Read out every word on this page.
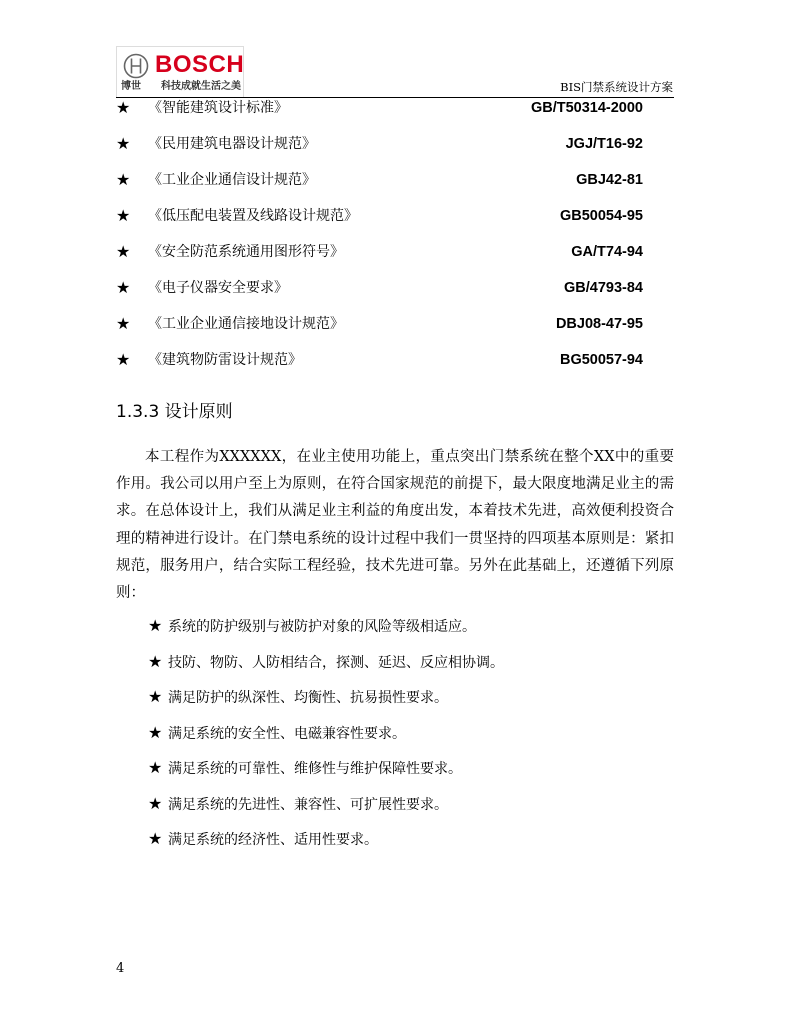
BOSCH
博世 科技成就生活之美	BIS门禁系统设计方案
★	《智能建筑设计标准》	GB/T50314-2000
★	《民用建筑电器设计规范》	JGJ/T16-92
★	《工业企业通信设计规范》	GBJ42-81
★	《低压配电装置及线路设计规范》	GB50054-95
★	《安全防范系统通用图形符号》	GA/T74-94
★	《电子仪器安全要求》	GB/4793-84
★	《工业企业通信接地设计规范》	DBJ08-47-95
★	《建筑物防雷设计规范》	BG50057-94
1.3.3 设计原则

本工程作为XXXXXX，在业主使用功能上，重点突出门禁系统在整个XX中的重要作用。我公司以用户至上为原则，在符合国家规范的前提下，最大限度地满足业主的需求。在总体设计上，我们从满足业主利益的角度出发，本着技术先进，高效便利投资合理的精神进行设计。在门禁电系统的设计过程中我们一贯坚持的四项基本原则是：紧扣规范，服务用户，结合实际工程经验，技术先进可靠。另外在此基础上，还遵循下列原则：

★ 系统的防护级别与被防护对象的风险等级相适应。
★ 技防、物防、人防相结合，探测、延迟、反应相协调。
★ 满足防护的纵深性、均衡性、抗易损性要求。
★ 满足系统的安全性、电磁兼容性要求。
★ 满足系统的可靠性、维修性与维护保障性要求。
★ 满足系统的先进性、兼容性、可扩展性要求。
★ 满足系统的经济性、适用性要求。
4
